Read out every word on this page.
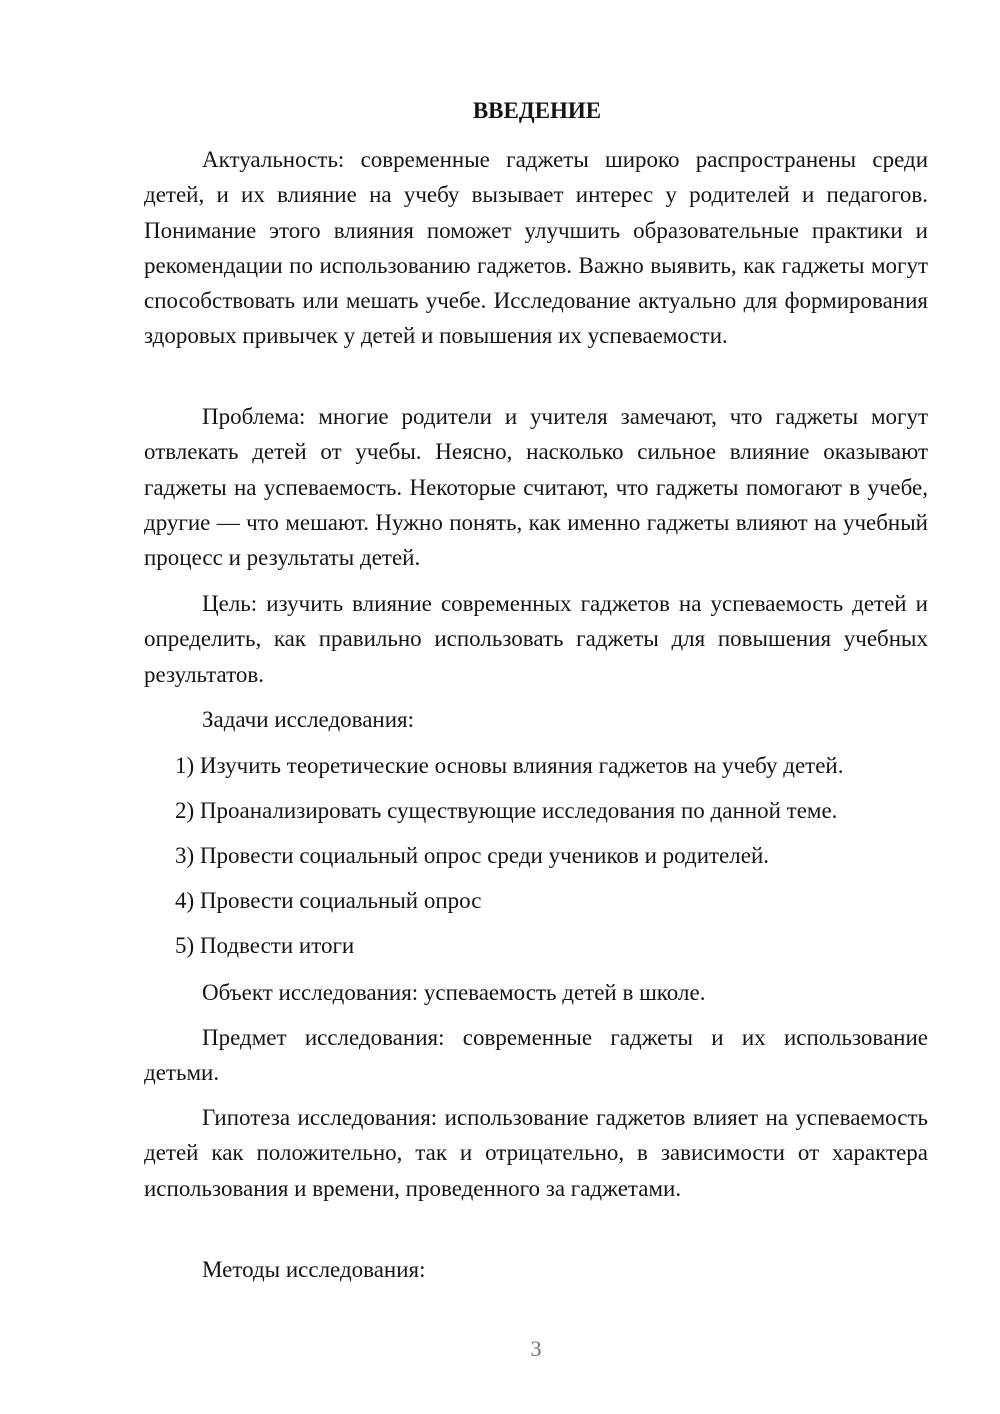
ВВЕДЕНИЕ

Актуальность: современные гаджеты широко распространены среди детей, и их влияние на учебу вызывает интерес у родителей и педагогов. Понимание этого влияния поможет улучшить образовательные практики и рекомендации по использованию гаджетов. Важно выявить, как гаджеты могут способствовать или мешать учебе. Исследование актуально для формирования здоровых привычек у детей и повышения их успеваемости.

Проблема: многие родители и учителя замечают, что гаджеты могут отвлекать детей от учебы. Неясно, насколько сильное влияние оказывают гаджеты на успеваемость. Некоторые считают, что гаджеты помогают в учебе, другие — что мешают. Нужно понять, как именно гаджеты влияют на учебный процесс и результаты детей.

Цель: изучить влияние современных гаджетов на успеваемость детей и определить, как правильно использовать гаджеты для повышения учебных результатов.

Задачи исследования:

1) Изучить теоретические основы влияния гаджетов на учебу детей.

2) Проанализировать существующие исследования по данной теме.

3) Провести социальный опрос среди учеников и родителей.

4) Провести социальный опрос

5) Подвести итоги

Объект исследования: успеваемость детей в школе.

Предмет исследования: современные гаджеты и их использование детьми.

Гипотеза исследования: использование гаджетов влияет на успеваемость детей как положительно, так и отрицательно, в зависимости от характера использования и времени, проведенного за гаджетами.

Методы исследования:

3
